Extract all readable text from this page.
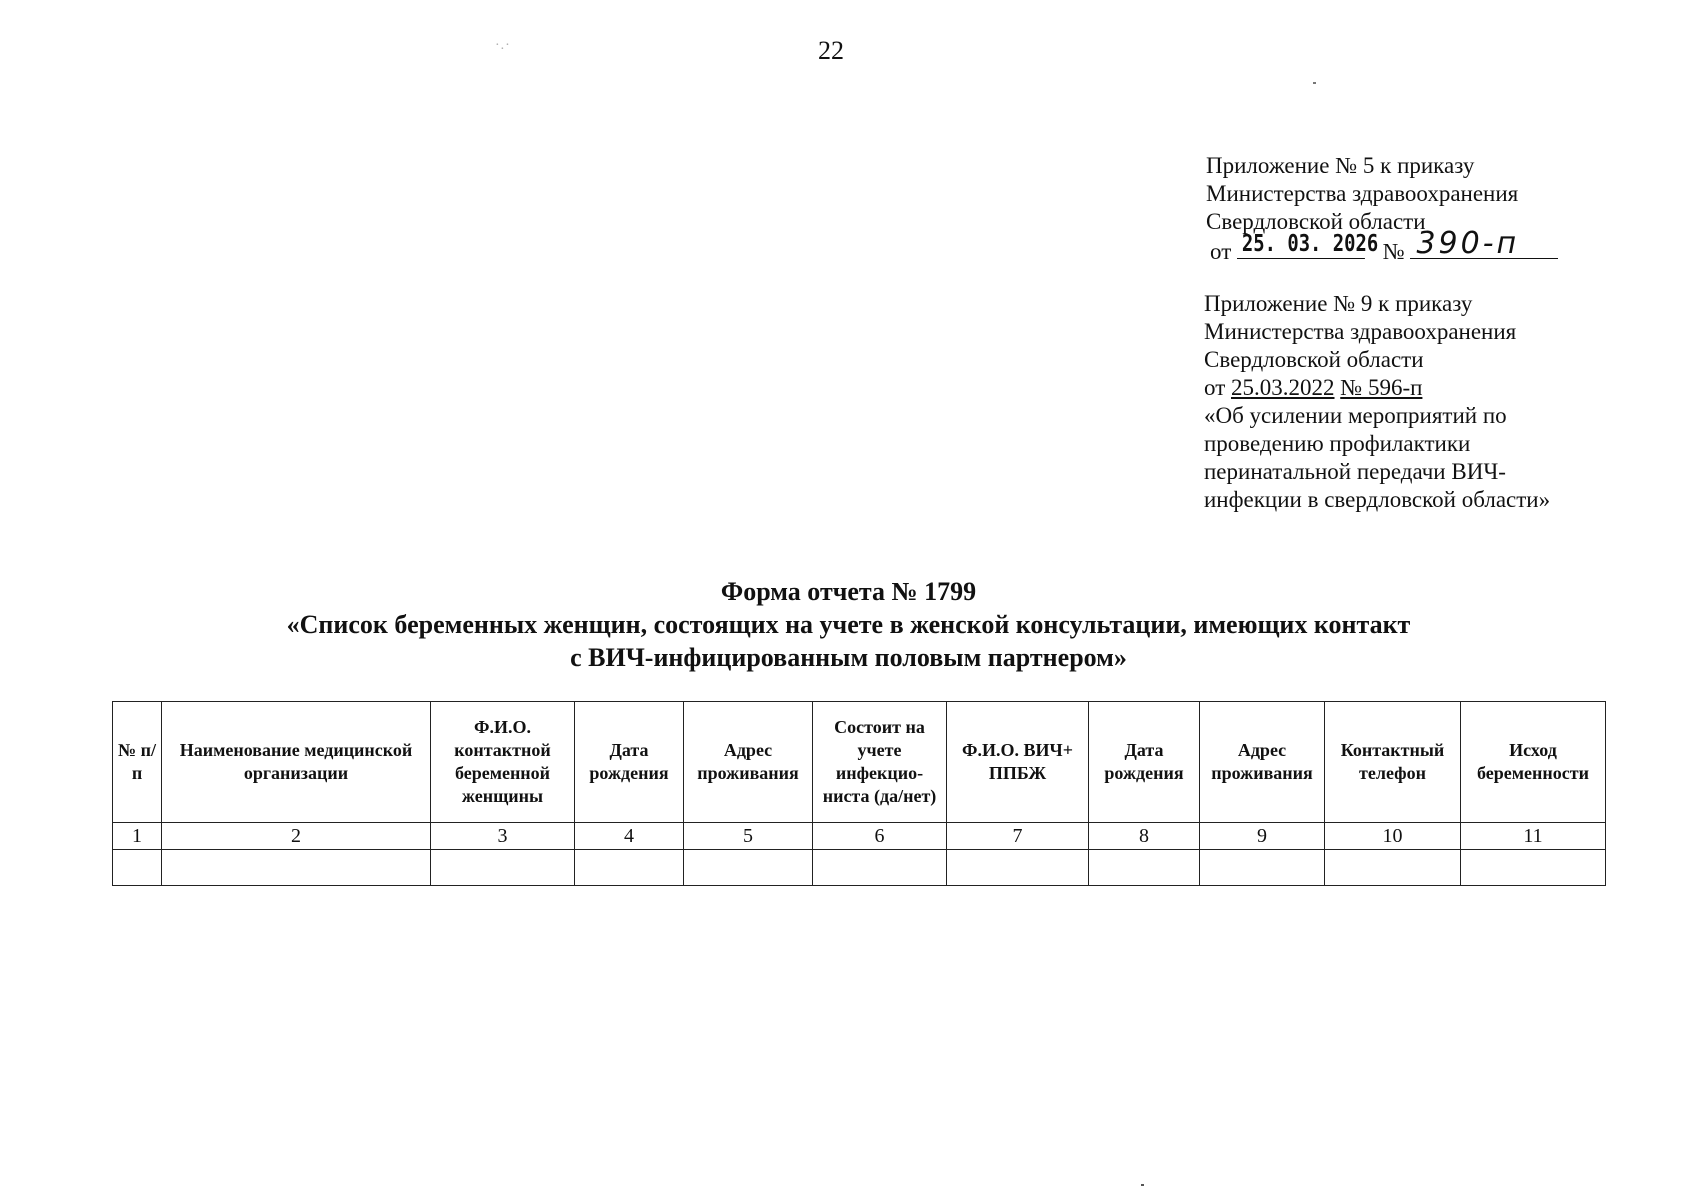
22
·.·
Приложение № 5 к приказу
Министерства здравоохранения
Свердловской области
от 25. 03. 2026 № 390-п
Приложение № 9 к приказу
Министерства здравоохранения
Свердловской области
от 25.03.2022 № 596-п
«Об усилении мероприятий по
проведению профилактики
перинатальной передачи ВИЧ-
инфекции в свердловской области»
Форма отчета № 1799
«Список беременных женщин, состоящих на учете в женской консультации, имеющих контакт
с ВИЧ-инфицированным половым партнером»
№ п/п	Наименование медицинской организации	Ф.И.О. контактной беременной женщины	Дата рождения	Адрес проживания	Состоит на учете инфекцио-ниста (да/нет)	Ф.И.О. ВИЧ+ ППБЖ	Дата рождения	Адрес проживания	Контактный телефон	Исход беременности
1	2	3	4	5	6	7	8	9	10	11
